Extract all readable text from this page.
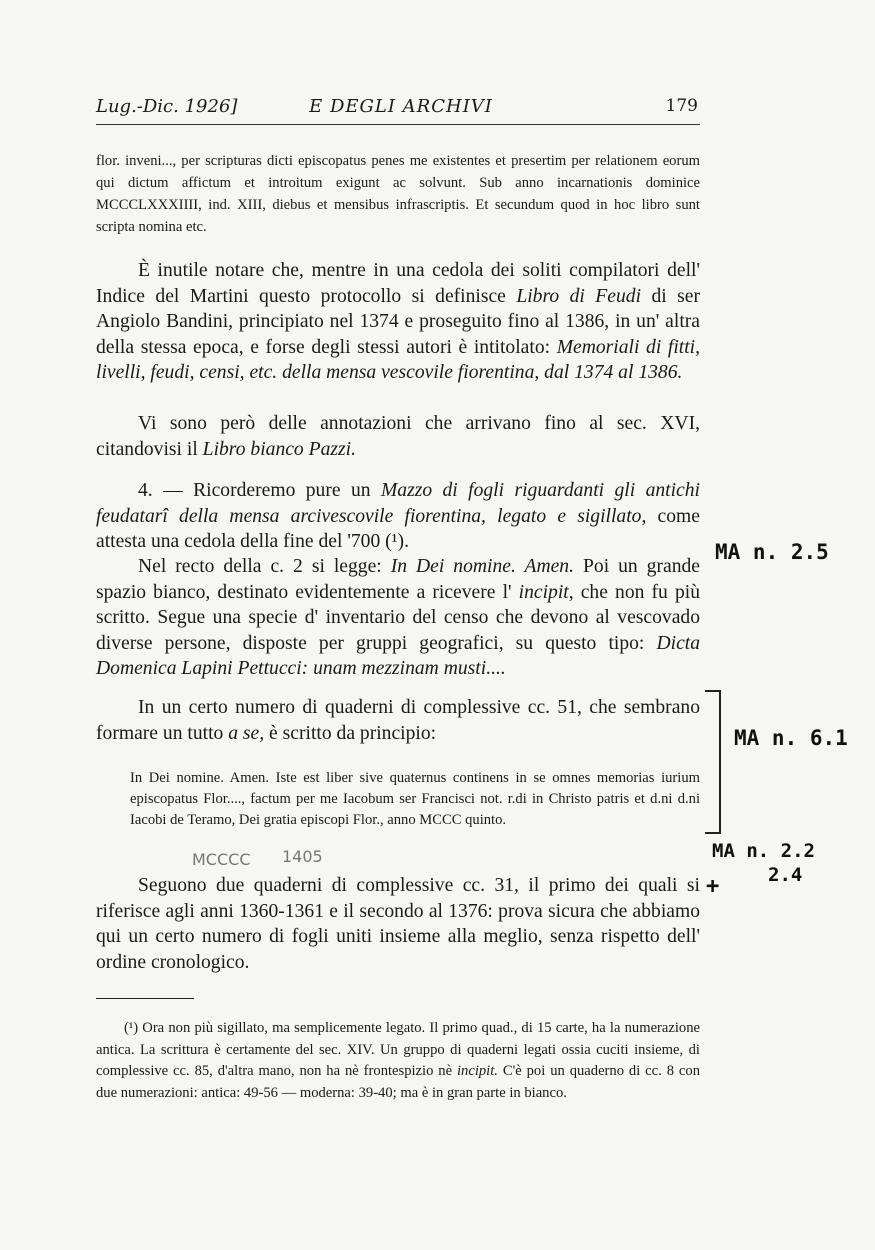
Lug.-Dic. 1926]	E DEGLI ARCHIVI	179

flor. inveni..., per scripturas dicti episcopatus penes me existentes et presertim per relationem eorum qui dictum affictum et introitum exigunt ac solvunt. Sub anno incarnationis dominice MCCCLXXXIIII, ind. XIII, diebus et mensibus infrascriptis. Et secundum quod in hoc libro sunt scripta nomina etc.

È inutile notare che, mentre in una cedola dei soliti compilatori dell' Indice del Martini questo protocollo si definisce Libro di Feudi di ser Angiolo Bandini, principiato nel 1374 e proseguito fino al 1386, in un' altra della stessa epoca, e forse degli stessi autori è intitolato: Memoriali di fitti, livelli, feudi, censi, etc. della mensa vescovile fiorentina, dal 1374 al 1386.

Vi sono però delle annotazioni che arrivano fino al sec. XVI, citandovisi il Libro bianco Pazzi.

4. — Ricorderemo pure un Mazzo di fogli riguardanti gli antichi feudatarî della mensa arcivescovile fiorentina, legato e sigillato, come attesta una cedola della fine del '700 (¹).

Nel recto della c. 2 si legge: In Dei nomine. Amen. Poi un grande spazio bianco, destinato evidentemente a ricevere l' incipit, che non fu più scritto. Segue una specie d' inventario del censo che devono al vescovado diverse persone, disposte per gruppi geografici, su questo tipo: Dicta Domenica Lapini Pettucci: unam mezzinam musti....

In un certo numero di quaderni di complessive cc. 51, che sembrano formare un tutto a se, è scritto da principio:

In Dei nomine. Amen. Iste est liber sive quaternus continens in se omnes memorias iurium episcopatus Flor...., factum per me Iacobum ser Francisci not. r.di in Christo patris et d.ni d.ni Iacobi de Teramo, Dei gratia episcopi Flor., anno MCCC quinto.

MCCCC 1405

Seguono due quaderni di complessive cc. 31, il primo dei quali si riferisce agli anni 1360-1361 e il secondo al 1376: prova sicura che abbiamo qui un certo numero di fogli uniti insieme alla meglio, senza rispetto dell' ordine cronologico.

(¹) Ora non più sigillato, ma semplicemente legato. Il primo quad., di 15 carte, ha la numerazione antica. La scrittura è certamente del sec. XIV. Un gruppo di quaderni legati ossia cuciti insieme, di complessive cc. 85, d'altra mano, non ha nè frontespizio nè incipit. C'è poi un quaderno di cc. 8 con due numerazioni: antica: 49-56 — moderna: 39-40; ma è in gran parte in bianco.

MA n. 2.5
MA n. 6.1
MA n. 2.2
2.4
+
